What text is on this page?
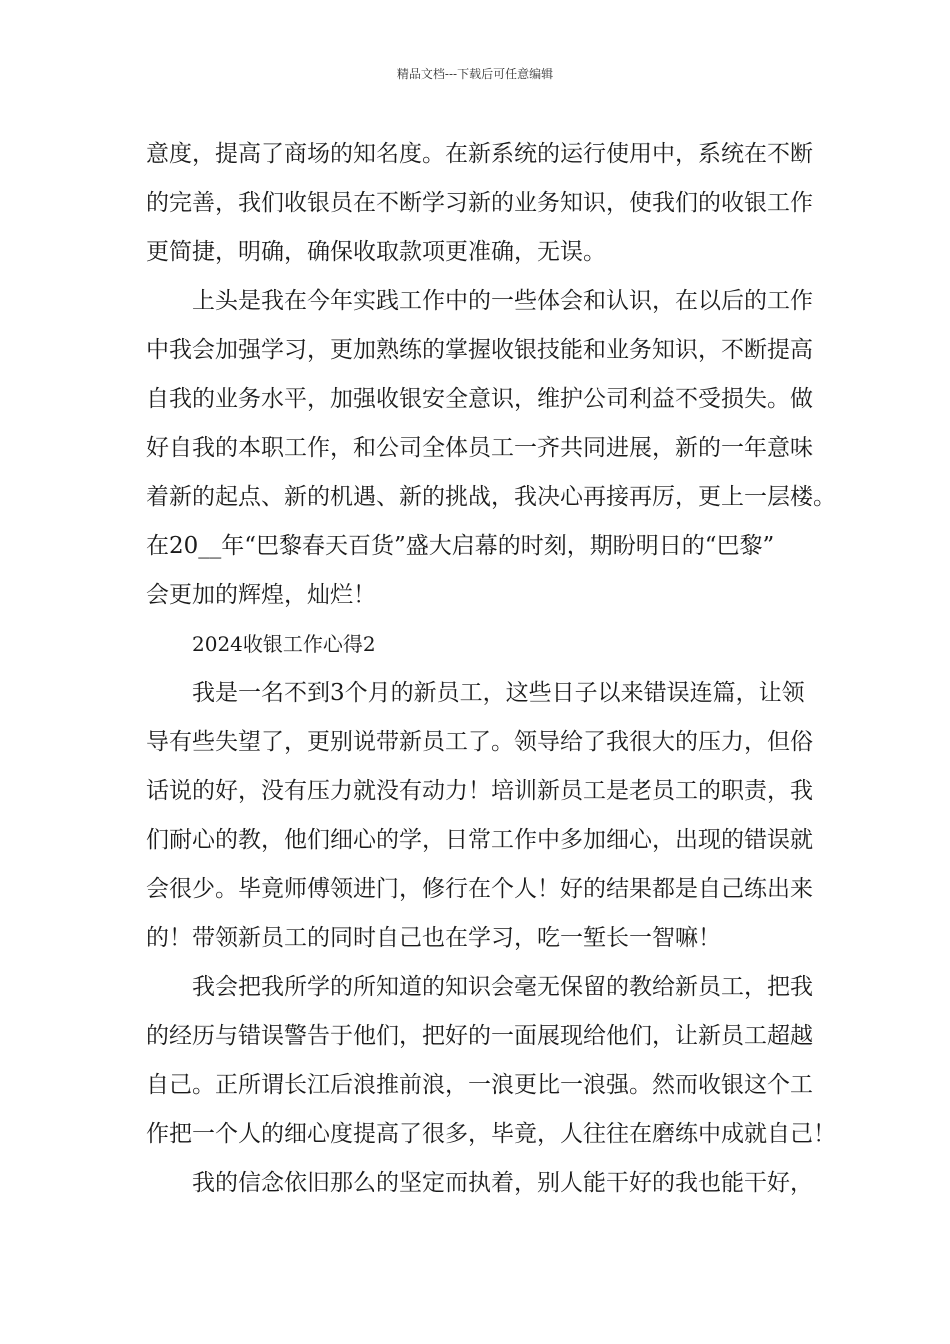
精品文档---下载后可任意编辑
意度，提高了商场的知名度。在新系统的运行使用中，系统在不断
的完善，我们收银员在不断学习新的业务知识，使我们的收银工作
更简捷，明确，确保收取款项更准确，无误。
上头是我在今年实践工作中的一些体会和认识，在以后的工作
中我会加强学习，更加熟练的掌握收银技能和业务知识，不断提高
自我的业务水平，加强收银安全意识，维护公司利益不受损失。做
好自我的本职工作，和公司全体员工一齐共同进展，新的一年意味
着新的起点、新的机遇、新的挑战，我决心再接再厉，更上一层楼。
在20__年“巴黎春天百货”盛大启幕的时刻，期盼明日的“巴黎”
会更加的辉煌，灿烂！
2024收银工作心得2
我是一名不到3个月的新员工，这些日子以来错误连篇，让领
导有些失望了，更别说带新员工了。领导给了我很大的压力，但俗
话说的好，没有压力就没有动力！培训新员工是老员工的职责，我
们耐心的教，他们细心的学，日常工作中多加细心，出现的错误就
会很少。毕竟师傅领进门，修行在个人！好的结果都是自己练出来
的！带领新员工的同时自己也在学习，吃一堑长一智嘛！
我会把我所学的所知道的知识会毫无保留的教给新员工，把我
的经历与错误警告于他们，把好的一面展现给他们，让新员工超越
自己。正所谓长江后浪推前浪，一浪更比一浪强。然而收银这个工
作把一个人的细心度提高了很多，毕竟，人往往在磨练中成就自己！
我的信念依旧那么的坚定而执着，别人能干好的我也能干好，
